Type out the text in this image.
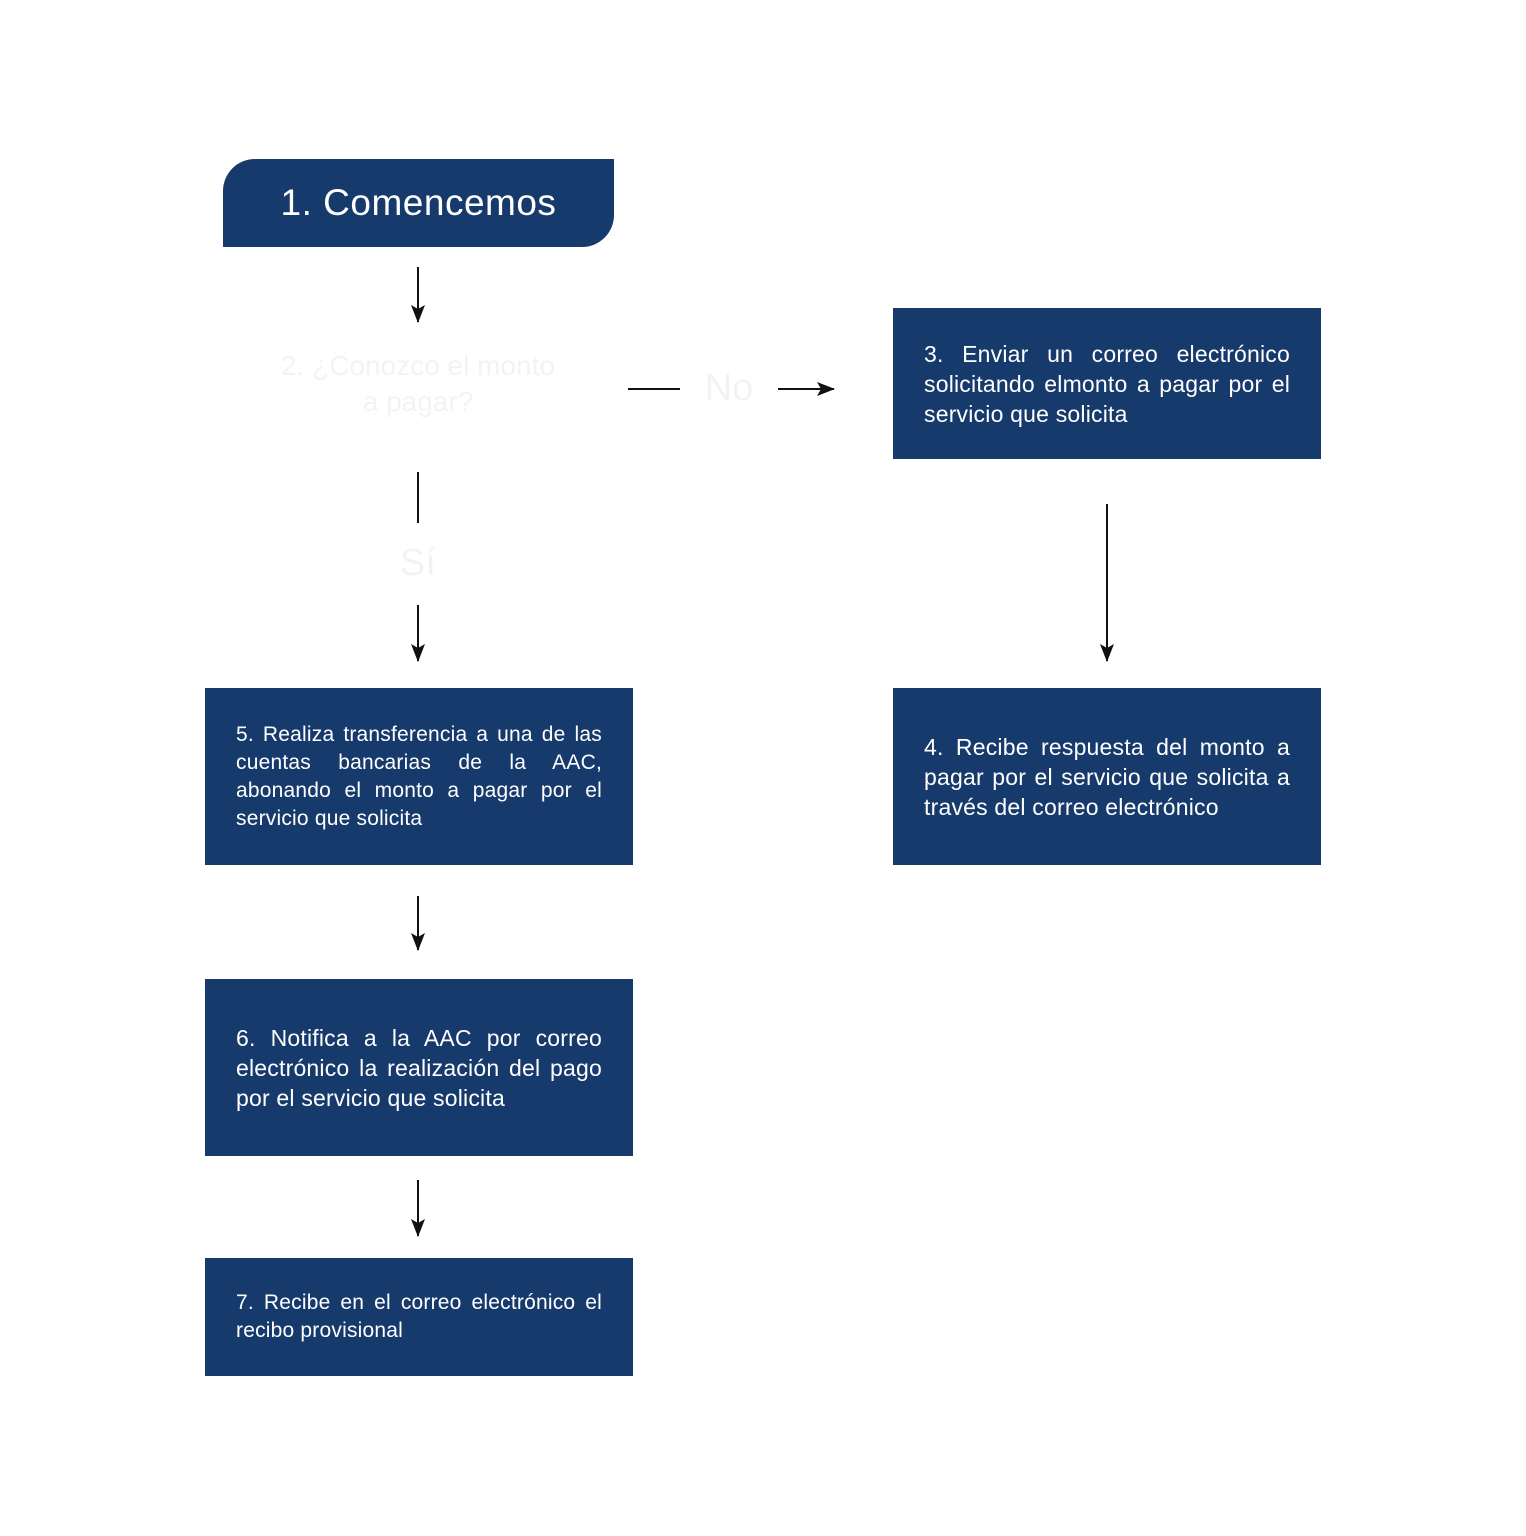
1. Comencemos
2. ¿Conozco el monto
a pagar?	No
Sí
3. Enviar un correo electrónico solicitando elmonto a pagar por el servicio que solicita
4. Recibe respuesta del monto a pagar por el servicio que solicita a través del correo electrónico
5. Realiza transferencia a una de las cuentas bancarias de la AAC, abonando el monto a pagar por el servicio que solicita
6. Notifica a la AAC por correo electrónico la realización del pago por el servicio que solicita
7. Recibe en el correo electrónico el recibo provisional
